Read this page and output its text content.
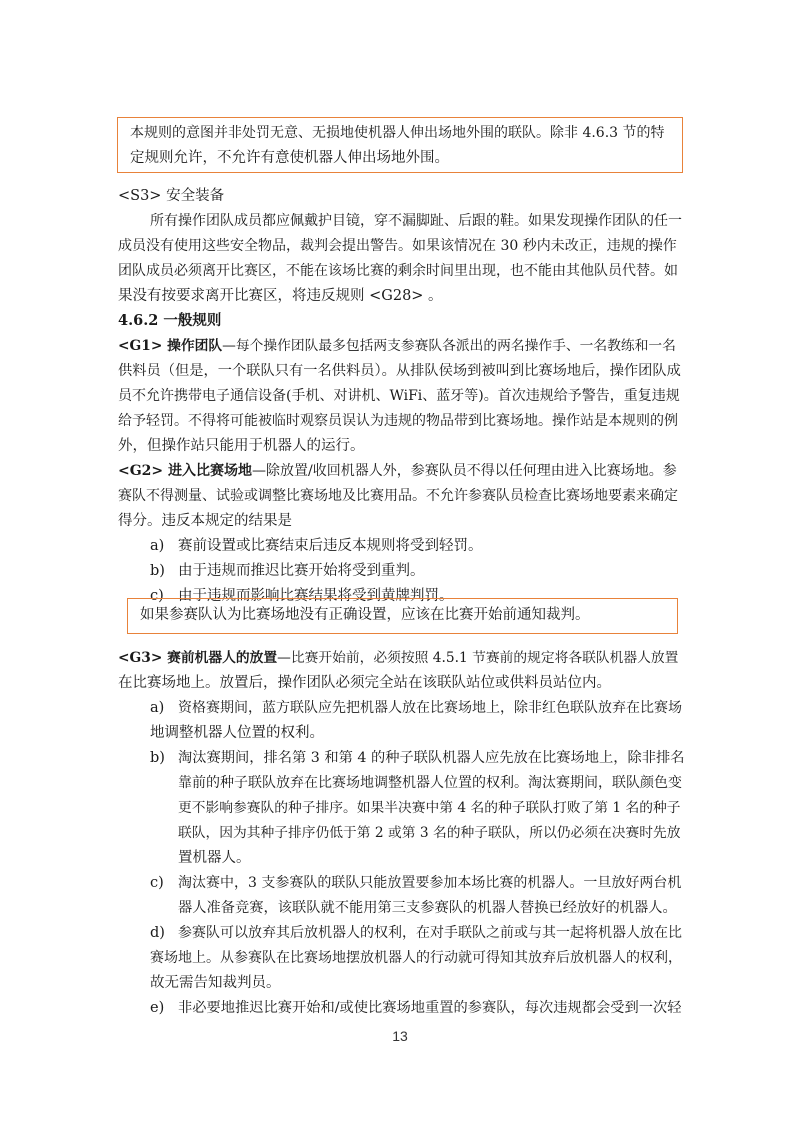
本规则的意图并非处罚无意、无损地使机器人伸出场地外围的联队。除非 4.6.3 节的特
定规则允许，不允许有意使机器人伸出场地外围。
<S3> 安全装备
所有操作团队成员都应佩戴护目镜，穿不漏脚趾、后跟的鞋。如果发现操作团队的任一
成员没有使用这些安全物品，裁判会提出警告。如果该情况在 30 秒内未改正，违规的操作
团队成员必须离开比赛区，不能在该场比赛的剩余时间里出现，也不能由其他队员代替。如
果没有按要求离开比赛区，将违反规则 <G28> 。
4.6.2 一般规则
<G1> 操作团队—每个操作团队最多包括两支参赛队各派出的两名操作手、一名教练和一名
供料员（但是，一个联队只有一名供料员）。从排队侯场到被叫到比赛场地后，操作团队成
员不允许携带电子通信设备(手机、对讲机、WiFi、蓝牙等)。首次违规给予警告，重复违规
给予轻罚。不得将可能被临时观察员误认为违规的物品带到比赛场地。操作站是本规则的例
外，但操作站只能用于机器人的运行。
<G2> 进入比赛场地—除放置/收回机器人外，参赛队员不得以任何理由进入比赛场地。参
赛队不得测量、试验或调整比赛场地及比赛用品。不允许参赛队员检查比赛场地要素来确定
得分。违反本规定的结果是
a) 赛前设置或比赛结束后违反本规则将受到轻罚。
b) 由于违规而推迟比赛开始将受到重判。
c) 由于违规而影响比赛结果将受到黄牌判罚。
如果参赛队认为比赛场地没有正确设置，应该在比赛开始前通知裁判。
<G3> 赛前机器人的放置—比赛开始前，必须按照 4.5.1 节赛前的规定将各联队机器人放置
在比赛场地上。放置后，操作团队必须完全站在该联队站位或供料员站位内。
a) 资格赛期间，蓝方联队应先把机器人放在比赛场地上，除非红色联队放弃在比赛场
地调整机器人位置的权利。
b) 淘汰赛期间，排名第 3 和第 4 的种子联队机器人应先放在比赛场地上，除非排名
靠前的种子联队放弃在比赛场地调整机器人位置的权利。淘汰赛期间，联队颜色变
更不影响参赛队的种子排序。如果半决赛中第 4 名的种子联队打败了第 1 名的种子
联队，因为其种子排序仍低于第 2 或第 3 名的种子联队，所以仍必须在决赛时先放
置机器人。
c) 淘汰赛中，3 支参赛队的联队只能放置要参加本场比赛的机器人。一旦放好两台机
器人准备竞赛，该联队就不能用第三支参赛队的机器人替换已经放好的机器人。
d) 参赛队可以放弃其后放机器人的权利，在对手联队之前或与其一起将机器人放在比
赛场地上。从参赛队在比赛场地摆放机器人的行动就可得知其放弃后放机器人的权利，
故无需告知裁判员。
e) 非必要地推迟比赛开始和/或使比赛场地重置的参赛队，每次违规都会受到一次轻
13
